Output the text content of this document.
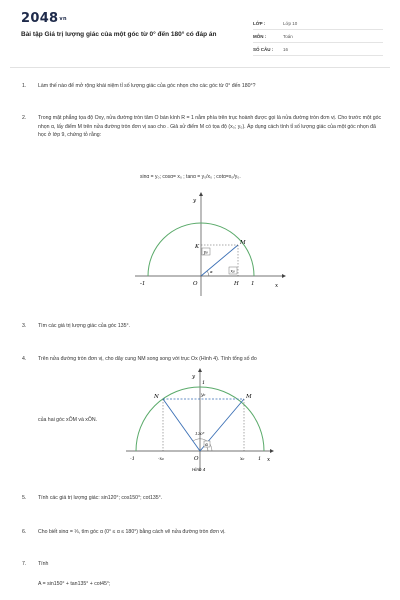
2048vn
Bài tập Giá trị lượng giác của một góc từ 0° đến 180° có đáp án
LỚP :	Lớp 10
MÔN :	Toán
SỐ CÂU :	16
1.	Làm thế nào để mở rộng khái niệm tỉ số lượng giác của góc nhọn cho các góc từ 0° đến 180°?
2.	Trong mặt phẳng tọa độ Oxy, nửa đường tròn tâm O bán kính R = 1 nằm phía trên trục hoành được gọi là nửa đường tròn đơn vị. Cho trước một góc nhọn α, lấy điểm M trên nửa đường tròn đơn vị sao cho . Giả sử điểm M có tọa độ (x₀; y₀). Áp dụng cách tính tỉ số lượng giác của một góc nhọn đã học ở lớp 9, chứng tỏ rằng:
sinα = y₀; cosα= x₀ ; tanα = y₀/x₀ ; cotα=x₀/y₀.
y₀
x₀
α
y
x
K
M
O	H 1
-1
3.	Tìm các giá trị lượng giác của góc 135°.
4.	Trên nửa đường tròn đơn vị, cho dây cung NM song song với trục Ox (Hình 4). Tính tổng số đo
của hai góc xÔM và xÔN.
α
120°
y
1
x
N	M
y₀
O
-x₀	x₀	1
-1
Hình 4
5.	Tính các giá trị lượng giác: sin120°; cos150°; cot135°.
6.	Cho biết sinα = ⅓, tìm góc α (0° ≤ α ≤ 180°) bằng cách vẽ nửa đường tròn đơn vị.
7.	Tính
A = sin150° + tan135° + cot45°;
